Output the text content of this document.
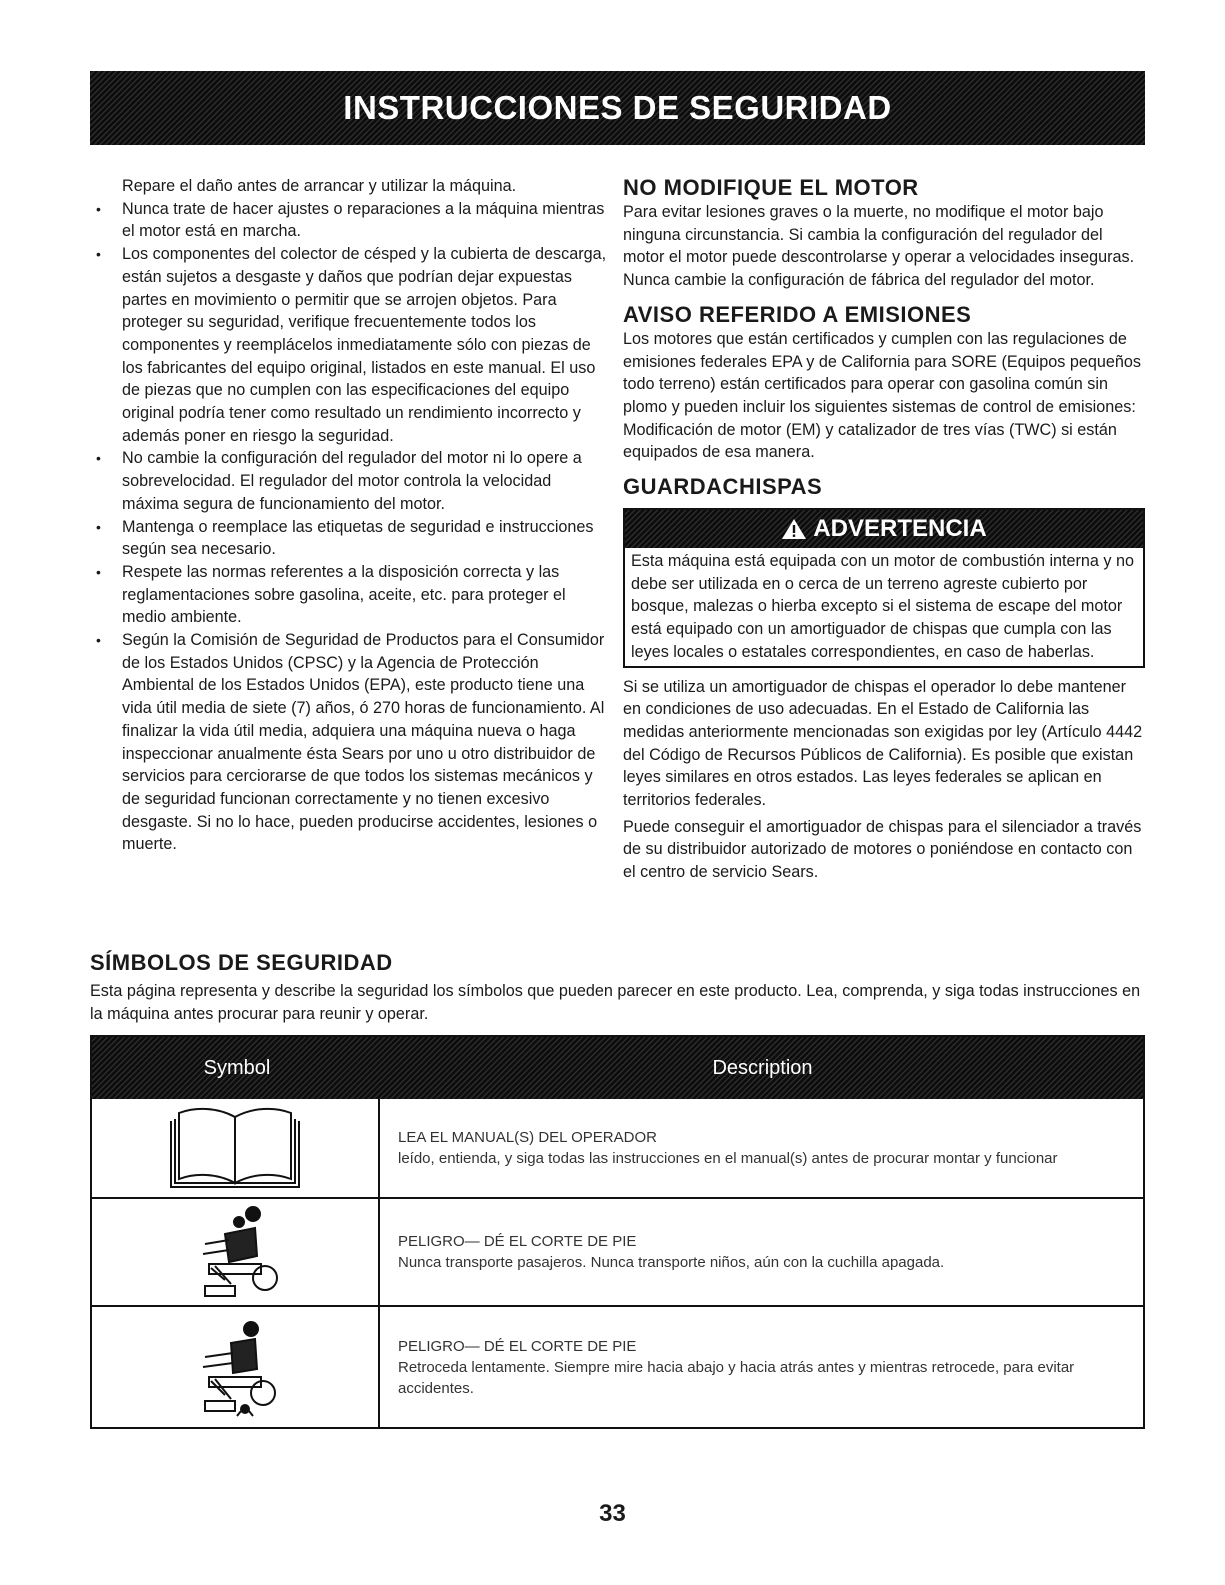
INSTRUCCIONES DE SEGURIDAD
Repare el daño antes de arrancar y utilizar la máquina.
• Nunca trate de hacer ajustes o reparaciones a la máquina mientras el motor está en marcha.
• Los componentes del colector de césped y la cubierta de descarga, están sujetos a desgaste y daños que podrían dejar expuestas partes en movimiento o permitir que se arrojen objetos. Para proteger su seguridad, verifique frecuentemente todos los componentes y reemplácelos inmediatamente sólo con piezas de los fabricantes del equipo original, listados en este manual. El uso de piezas que no cumplen con las especificaciones del equipo original podría tener como resultado un rendimiento incorrecto y además poner en riesgo la seguridad.
• No cambie la configuración del regulador del motor ni lo opere a sobrevelocidad. El regulador del motor controla la velocidad máxima segura de funcionamiento del motor.
• Mantenga o reemplace las etiquetas de seguridad e instrucciones según sea necesario.
• Respete las normas referentes a la disposición correcta y las reglamentaciones sobre gasolina, aceite, etc. para proteger el medio ambiente.
• Según la Comisión de Seguridad de Productos para el Consumidor de los Estados Unidos (CPSC) y la Agencia de Protección Ambiental de los Estados Unidos (EPA), este producto tiene una vida útil media de siete (7) años, ó 270 horas de funcionamiento. Al finalizar la vida útil media, adquiera una máquina nueva o haga inspeccionar anualmente ésta Sears por uno u otro distribuidor de servicios para cerciorarse de que todos los sistemas mecánicos y de seguridad funcionan correctamente y no tienen excesivo desgaste. Si no lo hace, pueden producirse accidentes, lesiones o muerte.
NO MODIFIQUE EL MOTOR

Para evitar lesiones graves o la muerte, no modifique el motor bajo ninguna circunstancia. Si cambia la configuración del regulador del motor el motor puede descontrolarse y operar a velocidades inseguras. Nunca cambie la configuración de fábrica del regulador del motor.

AVISO REFERIDO A EMISIONES

Los motores que están certificados y cumplen con las regulaciones de emisiones federales EPA y de California para SORE (Equipos pequeños todo terreno) están certificados para operar con gasolina común sin plomo y pueden incluir los siguientes sistemas de control de emisiones: Modificación de motor (EM) y catalizador de tres vías (TWC) si están equipados de esa manera.

GUARDACHISPAS
ADVERTENCIA
Esta máquina está equipada con un motor de combustión interna y no debe ser utilizada en o cerca de un terreno agreste cubierto por bosque, malezas o hierba excepto si el sistema de escape del motor está equipado con un amortiguador de chispas que cumpla con las leyes locales o estatales correspondientes, en caso de haberlas.

Si se utiliza un amortiguador de chispas el operador lo debe mantener en condiciones de uso adecuadas. En el Estado de California las medidas anteriormente mencionadas son exigidas por ley (Artículo 4442 del Código de Recursos Públicos de California). Es posible que existan leyes similares en otros estados. Las leyes federales se aplican en territorios federales.

Puede conseguir el amortiguador de chispas para el silenciador a través de su distribuidor autorizado de motores o poniéndose en contacto con el centro de servicio Sears.

SÍMBOLOS DE SEGURIDAD

Esta página representa y describe la seguridad los símbolos que pueden parecer en este producto. Lea, comprenda, y siga todas instrucciones en la máquina antes procurar para reunir y operar.

Symbol	Description
LEA EL MANUAL(S) DEL OPERADOR
leído, entienda, y siga todas las instrucciones en el manual(s) antes de procurar montar y funcionar
PELIGRO— DÉ EL CORTE DE PIE
Nunca transporte pasajeros. Nunca transporte niños, aún con la cuchilla apagada.
PELIGRO— DÉ EL CORTE DE PIE
Retroceda lentamente. Siempre mire hacia abajo y hacia atrás antes y mientras retrocede, para evitar accidentes.
33
